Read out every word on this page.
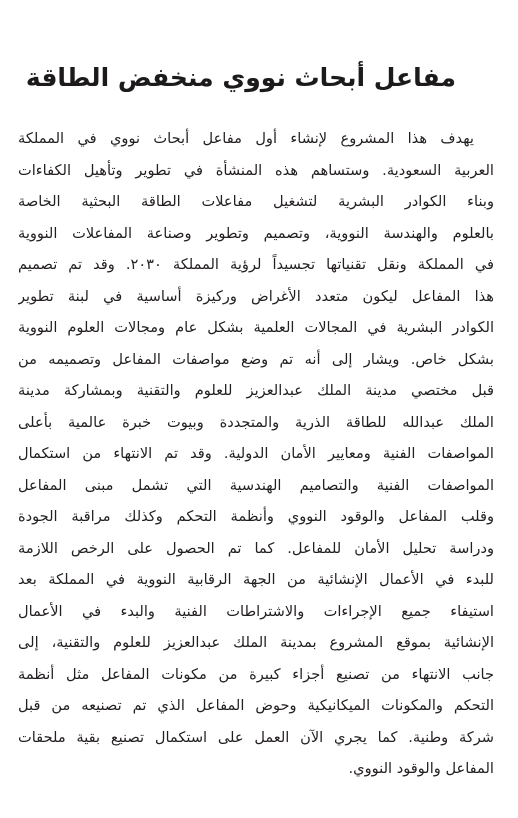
مفاعل أبحاث نووي منخفض الطاقة
يهدف هذا المشروع لإنشاء أول مفاعل أبحاث نووي في المملكة
العربية السعودية. وستساهم هذه المنشأة في تطوير وتأهيل الكفاءات
وبناء الكوادر البشرية لتشغيل مفاعلات الطاقة البحثية الخاصة
بالعلوم والهندسة النووية، وتصميم وتطوير وصناعة المفاعلات النووية
في المملكة ونقل تقنياتها تجسيداً لرؤية المملكة ٢٠٣٠. وقد تم تصميم
هذا المفاعل ليكون متعدد الأغراض وركيزة أساسية في لبنة تطوير
الكوادر البشرية في المجالات العلمية بشكل عام ومجالات العلوم النووية
بشكل خاص. ويشار إلى أنه تم وضع مواصفات المفاعل وتصميمه من
قبل مختصي مدينة الملك عبدالعزيز للعلوم والتقنية وبمشاركة مدينة
الملك عبدالله للطاقة الذرية والمتجددة وبيوت خبرة عالمية بأعلى
المواصفات الفنية ومعايير الأمان الدولية. وقد تم الانتهاء من استكمال
المواصفات الفنية والتصاميم الهندسية التي تشمل مبنى المفاعل
وقلب المفاعل والوقود النووي وأنظمة التحكم وكذلك مراقبة الجودة
ودراسة تحليل الأمان للمفاعل. كما تم الحصول على الرخص اللازمة
للبدء في الأعمال الإنشائية من الجهة الرقابية النووية في المملكة بعد
استيفاء جميع الإجراءات والاشتراطات الفنية والبدء في الأعمال
الإنشائية بموقع المشروع بمدينة الملك عبدالعزيز للعلوم والتقنية، إلى
جانب الانتهاء من تصنيع أجزاء كبيرة من مكونات المفاعل مثل أنظمة
التحكم والمكونات الميكانيكية وحوض المفاعل الذي تم تصنيعه من قبل
شركة وطنية. كما يجري الآن العمل على استكمال تصنيع بقية ملحقات
المفاعل والوقود النووي.
